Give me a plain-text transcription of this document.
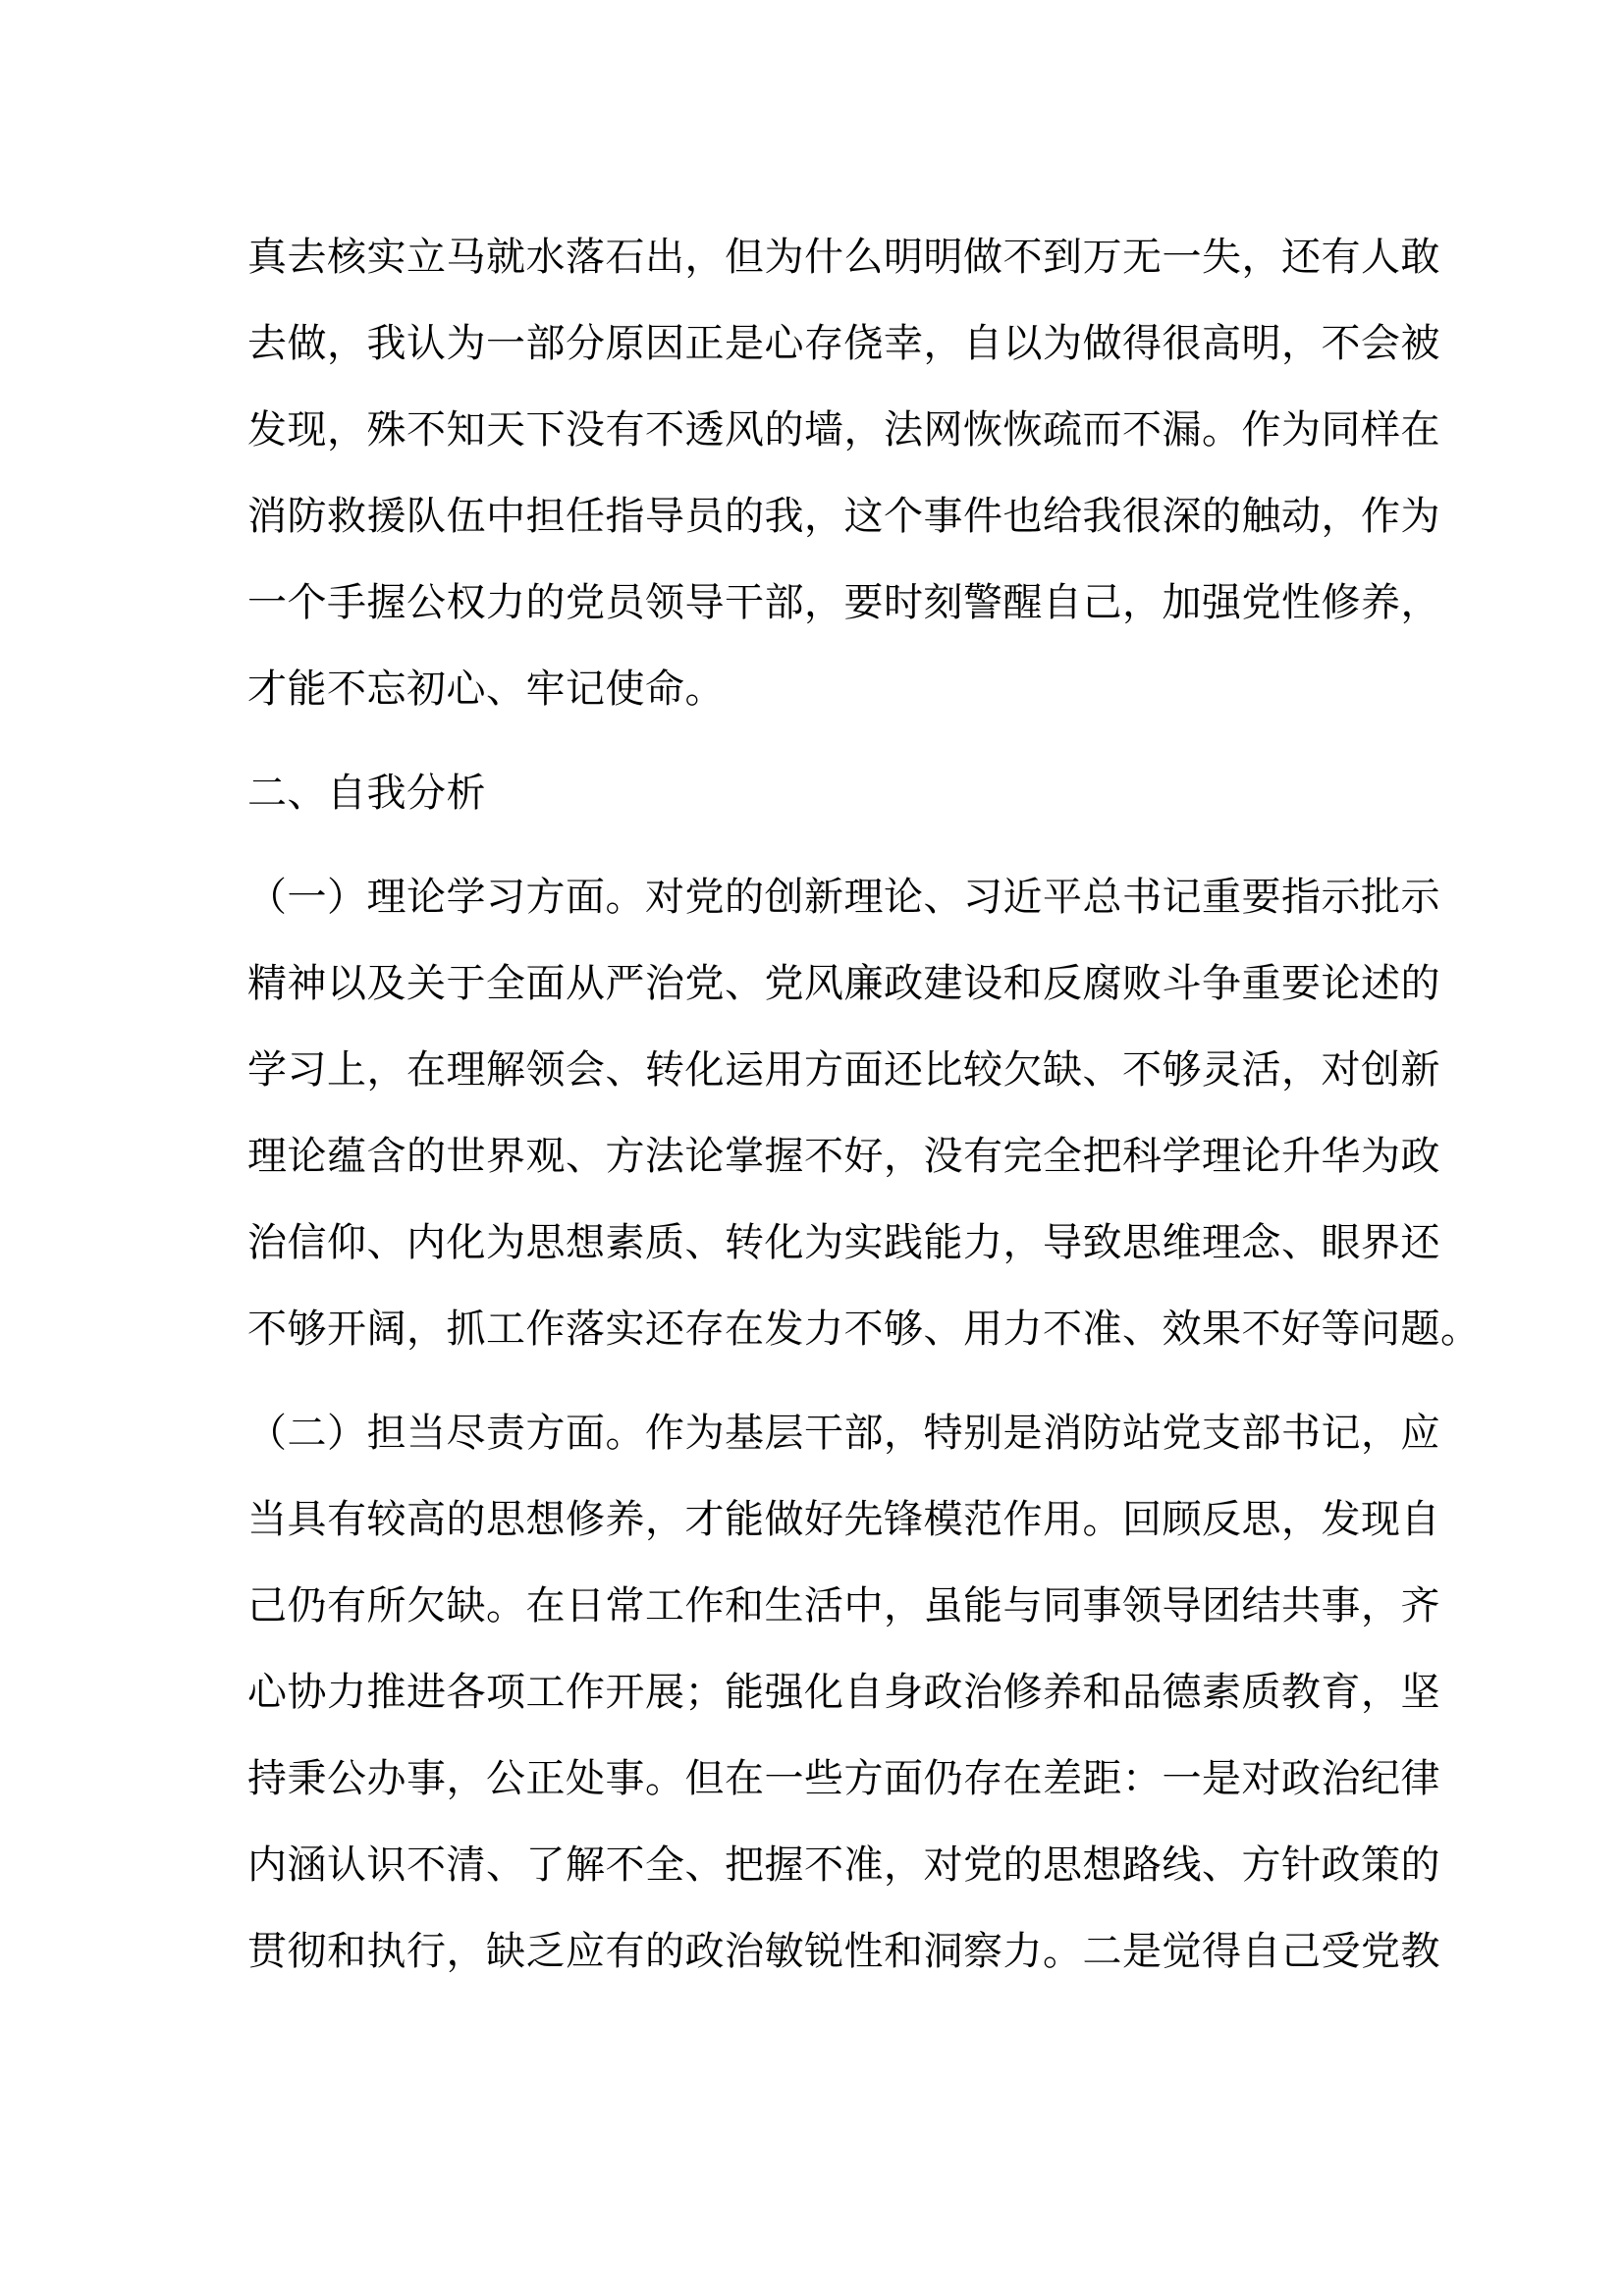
真去核实立马就水落石出，但为什么明明做不到万无一失，还有人敢
去做，我认为一部分原因正是心存侥幸，自以为做得很高明，不会被
发现，殊不知天下没有不透风的墙，法网恢恢疏而不漏。作为同样在
消防救援队伍中担任指导员的我，这个事件也给我很深的触动，作为
一个手握公权力的党员领导干部，要时刻警醒自己，加强党性修养，
才能不忘初心、牢记使命。
二、自我分析
（一）理论学习方面。对党的创新理论、习近平总书记重要指示批示
精神以及关于全面从严治党、党风廉政建设和反腐败斗争重要论述的
学习上，在理解领会、转化运用方面还比较欠缺、不够灵活，对创新
理论蕴含的世界观、方法论掌握不好，没有完全把科学理论升华为政
治信仰、内化为思想素质、转化为实践能力，导致思维理念、眼界还
不够开阔，抓工作落实还存在发力不够、用力不准、效果不好等问题。
（二）担当尽责方面。作为基层干部，特别是消防站党支部书记，应
当具有较高的思想修养，才能做好先锋模范作用。回顾反思，发现自
己仍有所欠缺。在日常工作和生活中，虽能与同事领导团结共事，齐
心协力推进各项工作开展；能强化自身政治修养和品德素质教育，坚
持秉公办事，公正处事。但在一些方面仍存在差距：一是对政治纪律
内涵认识不清、了解不全、把握不准，对党的思想路线、方针政策的
贯彻和执行，缺乏应有的政治敏锐性和洞察力。二是觉得自己受党教
